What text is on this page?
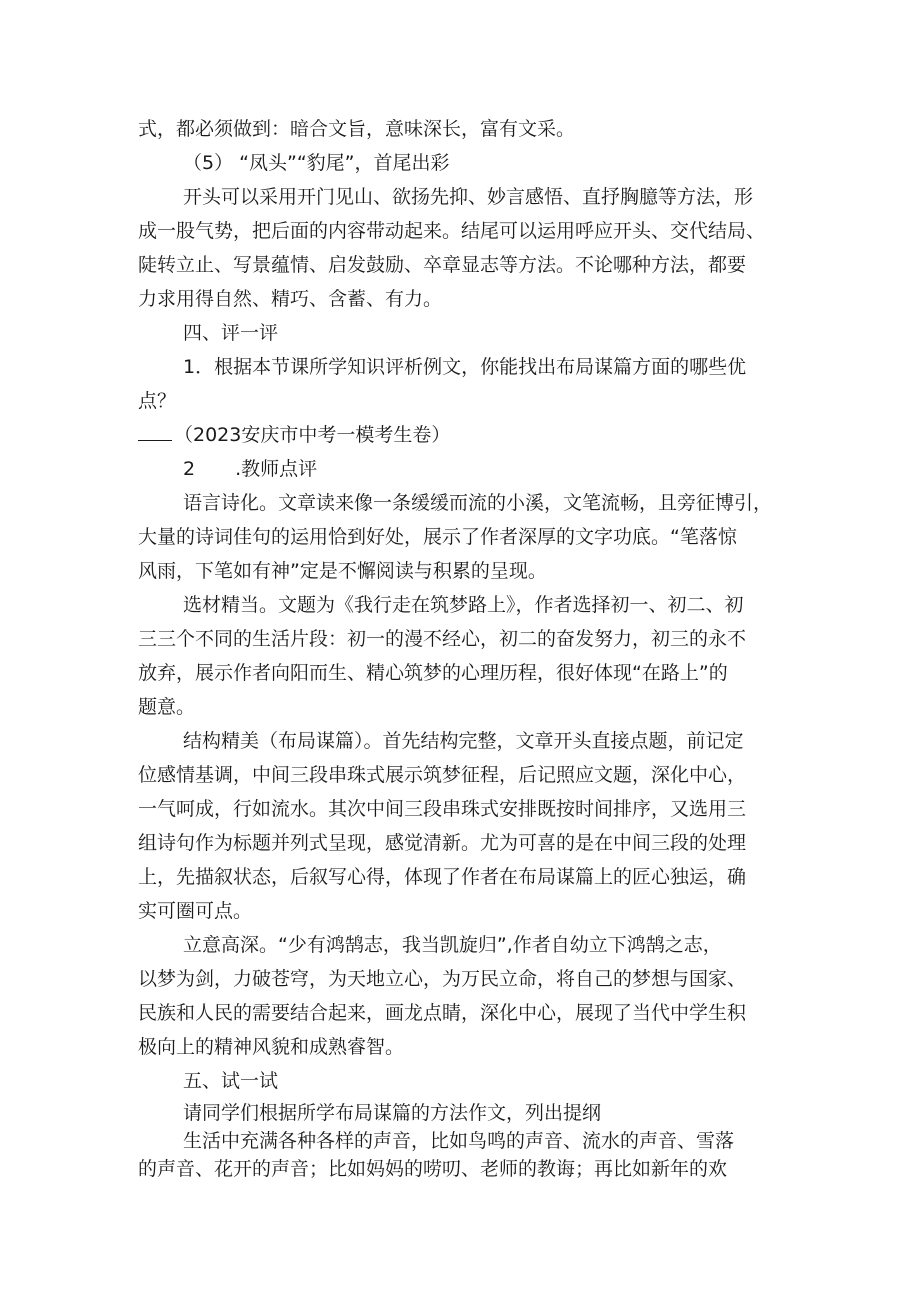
式，都必须做到：暗合文旨，意味深长，富有文采。
（5） “凤头”“豹尾”，首尾出彩
开头可以采用开门见山、欲扬先抑、妙言感悟、直抒胸臆等方法，形
成一股气势，把后面的内容带动起来。结尾可以运用呼应开头、交代结局、
陡转立止、写景蕴情、启发鼓励、卒章显志等方法。不论哪种方法，都要
力求用得自然、精巧、含蓄、有力。
四、评一评
1．根据本节课所学知识评析例文，你能找出布局谋篇方面的哪些优
点？
（2023安庆市中考一模考生卷）
2 .教师点评
语言诗化。文章读来像一条缓缓而流的小溪，文笔流畅，且旁征博引，
大量的诗词佳句的运用恰到好处，展示了作者深厚的文字功底。“笔落惊
风雨，下笔如有神”定是不懈阅读与积累的呈现。
选材精当。文题为《我行走在筑梦路上》，作者选择初一、初二、初
三三个不同的生活片段：初一的漫不经心，初二的奋发努力，初三的永不
放弃，展示作者向阳而生、精心筑梦的心理历程，很好体现“在路上”的
题意。
结构精美（布局谋篇）。首先结构完整，文章开头直接点题，前记定
位感情基调，中间三段串珠式展示筑梦征程，后记照应文题，深化中心，
一气呵成，行如流水。其次中间三段串珠式安排既按时间排序，又选用三
组诗句作为标题并列式呈现，感觉清新。尤为可喜的是在中间三段的处理
上，先描叙状态，后叙写心得，体现了作者在布局谋篇上的匠心独运，确
实可圈可点。
立意高深。“少有鸿鹄志，我当凯旋归”,作者自幼立下鸿鹄之志，
以梦为剑，力破苍穹，为天地立心，为万民立命，将自己的梦想与国家、
民族和人民的需要结合起来，画龙点睛，深化中心，展现了当代中学生积
极向上的精神风貌和成熟睿智。
五、试一试
请同学们根据所学布局谋篇的方法作文，列出提纲
生活中充满各种各样的声音，比如鸟鸣的声音、流水的声音、雪落
的声音、花开的声音；比如妈妈的唠叨、老师的教诲；再比如新年的欢
